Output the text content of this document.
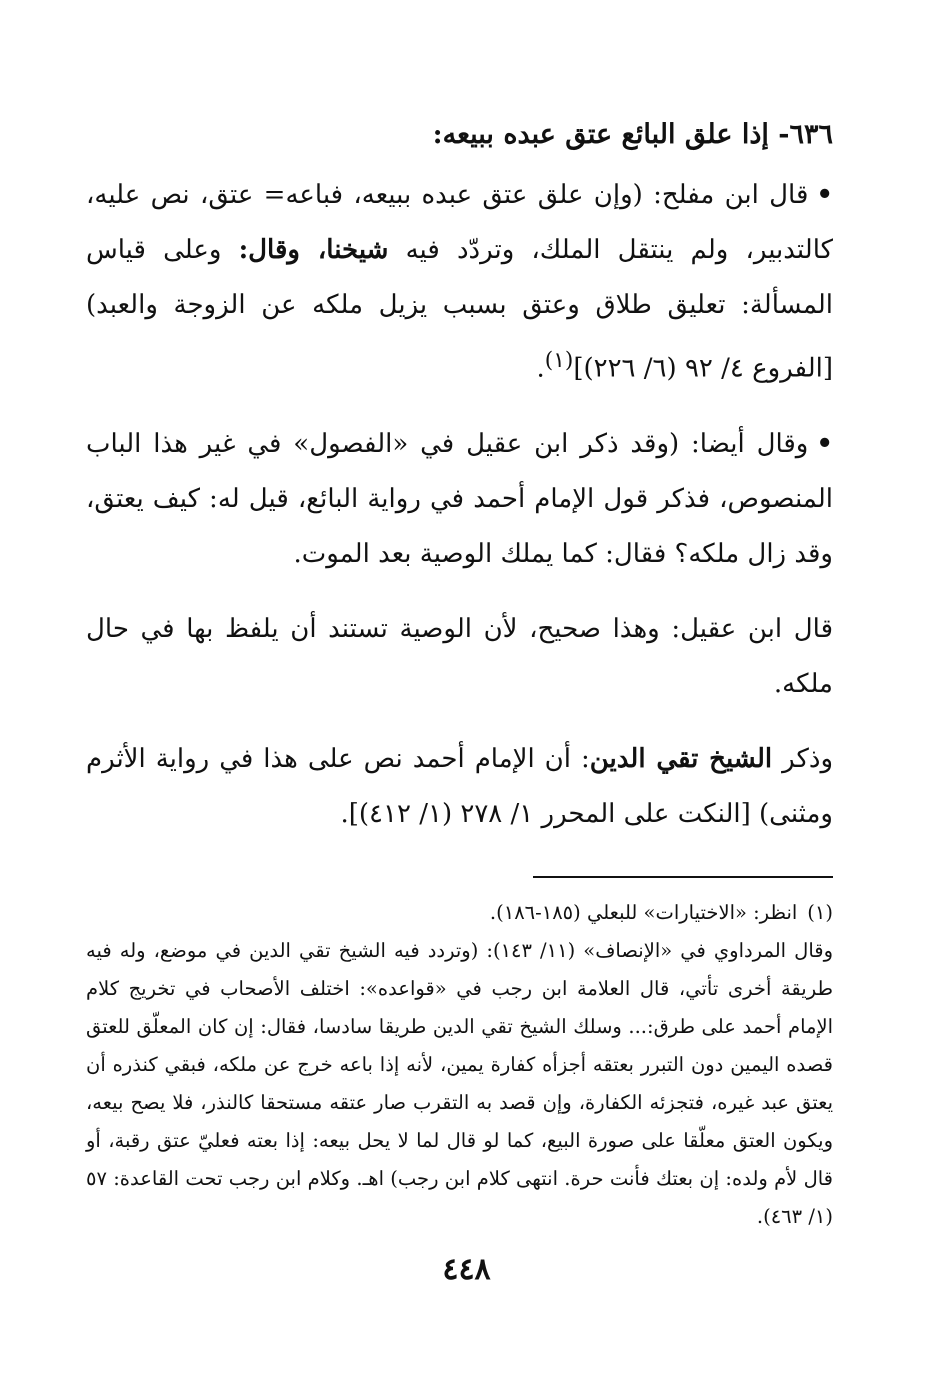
٦٣٦- إذا علق البائع عتق عبده ببيعه:

•قال ابن مفلح: (وإن علق عتق عبده ببيعه، فباعه= عتق، نص عليه، كالتدبير، ولم ينتقل الملك، وتردّد فيه شيخنا، وقال: وعلى قياس المسألة: تعليق طلاق وعتق بسبب يزيل ملكه عن الزوجة والعبد) [الفروع ٤/ ٩٢ (٦/ ٢٢٦)]$^{(١)}$.

•وقال أيضا: (وقد ذكر ابن عقيل في «الفصول» في غير هذا الباب المنصوص، فذكر قول الإمام أحمد في رواية البائع، قيل له: كيف يعتق، وقد زال ملكه؟ فقال: كما يملك الوصية بعد الموت.

قال ابن عقيل: وهذا صحيح، لأن الوصية تستند أن يلفظ بها في حال ملكه.

وذكر الشيخ تقي الدين: أن الإمام أحمد نص على هذا في رواية الأثرم ومثنى) [النكت على المحرر ١/ ٢٧٨ (١/ ٤١٢)].

(١)انظر: «الاختيارات» للبعلي (١٨٥-١٨٦).

وقال المرداوي في «الإنصاف» (١١/ ١٤٣): (وتردد فيه الشيخ تقي الدين في موضع، وله فيه طريقة أخرى تأتي، قال العلامة ابن رجب في «قواعده»: اختلف الأصحاب في تخريج كلام الإمام أحمد على طرق:... وسلك الشيخ تقي الدين طريقا سادسا، فقال: إن كان المعلّق للعتق قصده اليمين دون التبرر بعتقه أجزأه كفارة يمين، لأنه إذا باعه خرج عن ملكه، فبقي كنذره أن يعتق عبد غيره، فتجزئه الكفارة، وإن قصد به التقرب صار عتقه مستحقا كالنذر، فلا يصح بيعه، ويكون العتق معلّقا على صورة البيع، كما لو قال لما لا يحل بيعه: إذا بعته فعليّ عتق رقبة، أو قال لأم ولده: إن بعتك فأنت حرة. انتهى كلام ابن رجب) اهـ. وكلام ابن رجب تحت القاعدة: ٥٧ (١/ ٤٦٣).

٤٤٨
